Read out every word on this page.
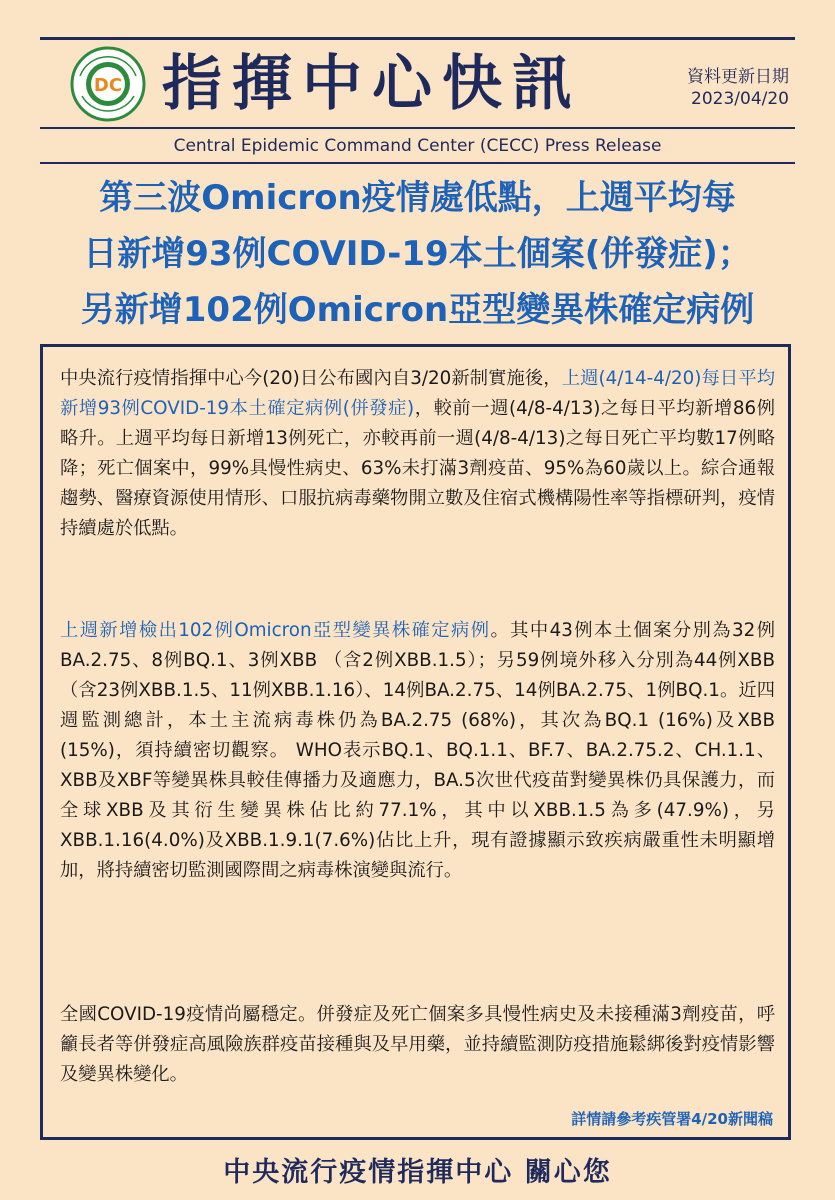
DC 指揮中心快訊	資料更新日期
2023/04/20
Central Epidemic Command Center (CECC) Press Release
第三波Omicron疫情處低點，上週平均每
日新增93例COVID-19本土個案(併發症)；
另新增102例Omicron亞型變異株確定病例
中央流行疫情指揮中心今(20)日公布國內自3/20新制實施後，上週(4/14-4/20)每日平均新增93例COVID-19本土確定病例(併發症)，較前一週(4/8-4/13)之每日平均新增86例略升。上週平均每日新增13例死亡，亦較再前一週(4/8-4/13)之每日死亡平均數17例略降；死亡個案中，99%具慢性病史、63%未打滿3劑疫苗、95%為60歲以上。綜合通報趨勢、醫療資源使用情形、口服抗病毒藥物開立數及住宿式機構陽性率等指標研判，疫情持續處於低點。
上週新增檢出102例Omicron亞型變異株確定病例。其中43例本土個案分別為32例BA.2.75、8例BQ.1、3例XBB （含2例XBB.1.5）；另59例境外移入分別為44例XBB （含23例XBB.1.5、11例XBB.1.16）、14例BA.2.75、14例BA.2.75、1例BQ.1。近四週監測總計，本土主流病毒株仍為BA.2.75 (68%)，其次為BQ.1 (16%)及XBB (15%)，須持續密切觀察。 WHO表示BQ.1、BQ.1.1、BF.7、BA.2.75.2、CH.1.1、XBB及XBF等變異株具較佳傳播力及適應力，BA.5次世代疫苗對變異株仍具保護力，而全球XBB及其衍生變異株佔比約77.1%，其中以XBB.1.5為多(47.9%)，另XBB.1.16(4.0%)及XBB.1.9.1(7.6%)佔比上升，現有證據顯示致疾病嚴重性未明顯增加，將持續密切監測國際間之病毒株演變與流行。
全國COVID-19疫情尚屬穩定。併發症及死亡個案多具慢性病史及未接種滿3劑疫苗，呼籲長者等併發症高風險族群疫苗接種與及早用藥，並持續監測防疫措施鬆綁後對疫情影響及變異株變化。
詳情請參考疾管署4/20新聞稿
中央流行疫情指揮中心 關心您
